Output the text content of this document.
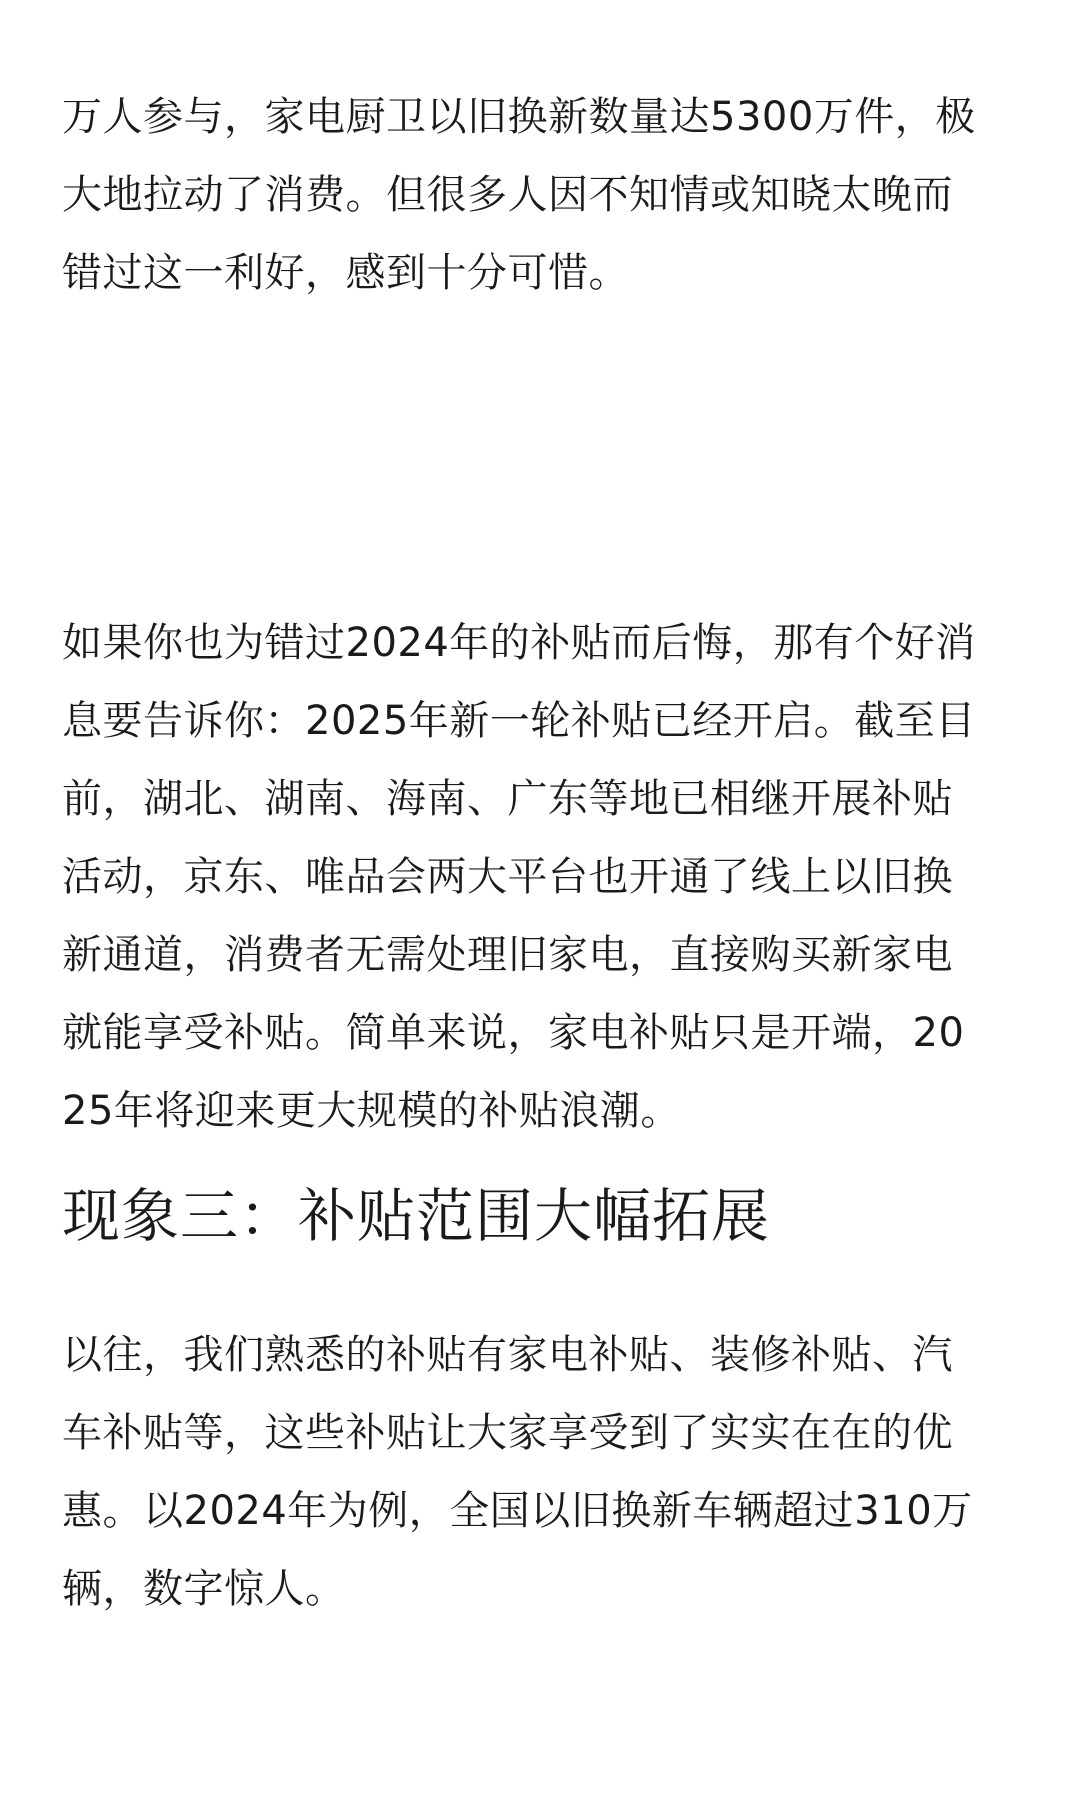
万人参与，家电厨卫以旧换新数量达5300万件，极
大地拉动了消费。但很多人因不知情或知晓太晚而
错过这一利好，感到十分可惜。

如果你也为错过2024年的补贴而后悔，那有个好消
息要告诉你：2025年新一轮补贴已经开启。截至目
前，湖北、湖南、海南、广东等地已相继开展补贴
活动，京东、唯品会两大平台也开通了线上以旧换
新通道，消费者无需处理旧家电，直接购买新家电
就能享受补贴。简单来说，家电补贴只是开端，20
25年将迎来更大规模的补贴浪潮。

现象三：补贴范围大幅拓展

以往，我们熟悉的补贴有家电补贴、装修补贴、汽
车补贴等，这些补贴让大家享受到了实实在在的优
惠。以2024年为例，全国以旧换新车辆超过310万
辆，数字惊人。
